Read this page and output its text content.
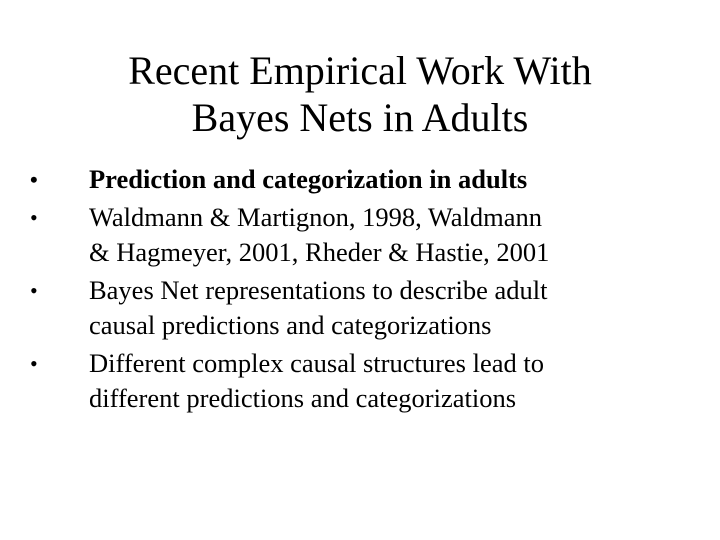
Recent Empirical Work With
Bayes Nets in Adults
•	Prediction and categorization in adults
•	Waldmann & Martignon, 1998, Waldmann
& Hagmeyer, 2001, Rheder & Hastie, 2001
•	Bayes Net representations to describe adult
causal predictions and categorizations
•	Different complex causal structures lead to
different predictions and categorizations
